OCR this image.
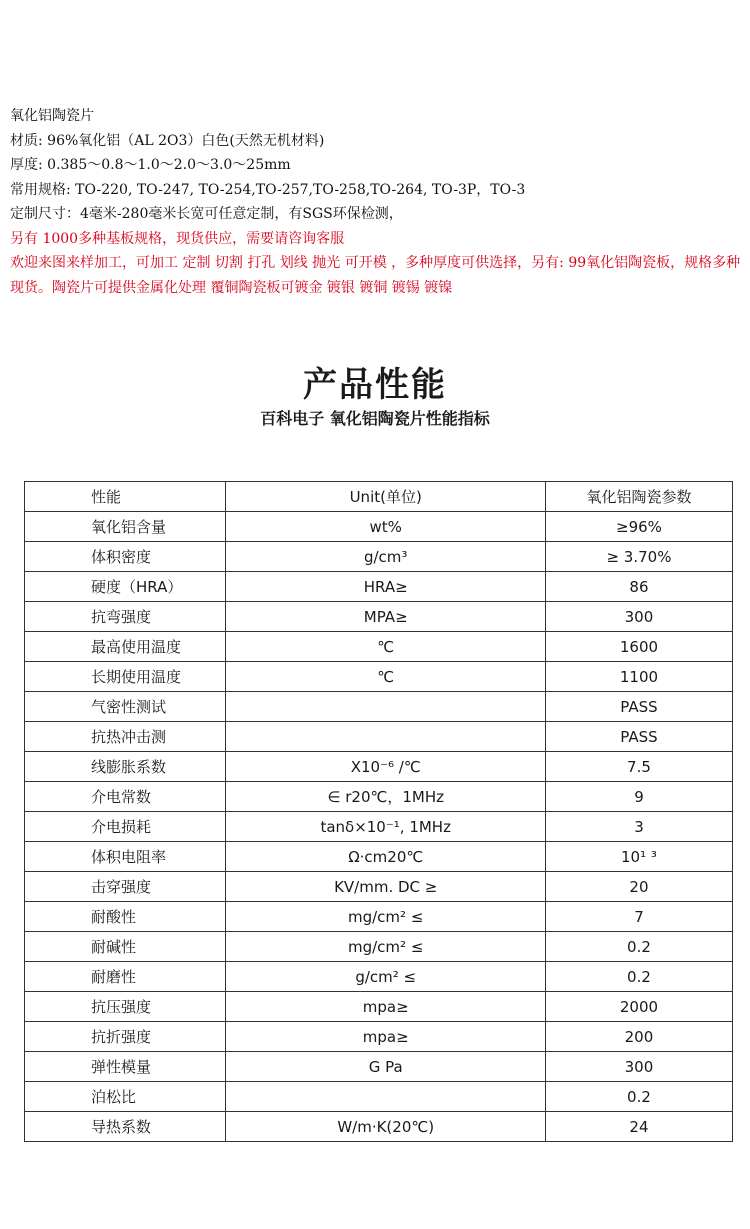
氧化铝陶瓷片
材质: 96%氧化铝（AL 2O3）白色(天然无机材料)
厚度: 0.385～0.8～1.0～2.0～3.0～25mm
常用规格: TO-220, TO-247, TO-254,TO-257,TO-258,TO-264, TO-3P，TO-3
定制尺寸：4毫米-280毫米长宽可任意定制，有SGS环保检测，
另有 1000多种基板规格，现货供应，需要请咨询客服
欢迎来图来样加工，可加工 定制 切割 打孔 划线 抛光 可开模 ，多种厚度可供选择，另有: 99氧化铝陶瓷板，规格多种现货。陶瓷片可提供金属化处理 覆铜陶瓷板可镀金 镀银 镀铜 镀锡 镀镍
产品性能
百科电子 氧化铝陶瓷片性能指标
性能	Unit(单位)	氧化铝陶瓷参数
氧化铝含量	wt%	≥96%
体积密度	g/cm³	≥ 3.70%
硬度（HRA）	HRA≥	86
抗弯强度	MPA≥	300
最高使用温度	℃	1600
长期使用温度	℃	1100
气密性测试		PASS
抗热冲击测		PASS
线膨胀系数	X10⁻⁶ /℃	7.5
介电常数	∈ r20℃，1MHz	9
介电损耗	tanδ×10⁻¹, 1MHz	3
体积电阻率	Ω·cm20℃	10¹ ³
击穿强度	KV/mm. DC ≥	20
耐酸性	mg/cm² ≤	7
耐碱性	mg/cm² ≤	0.2
耐磨性	g/cm² ≤	0.2
抗压强度	mpa≥	2000
抗折强度	mpa≥	200
弹性模量	G Pa	300
泊松比		0.2
导热系数	W/m·K(20℃)	24
